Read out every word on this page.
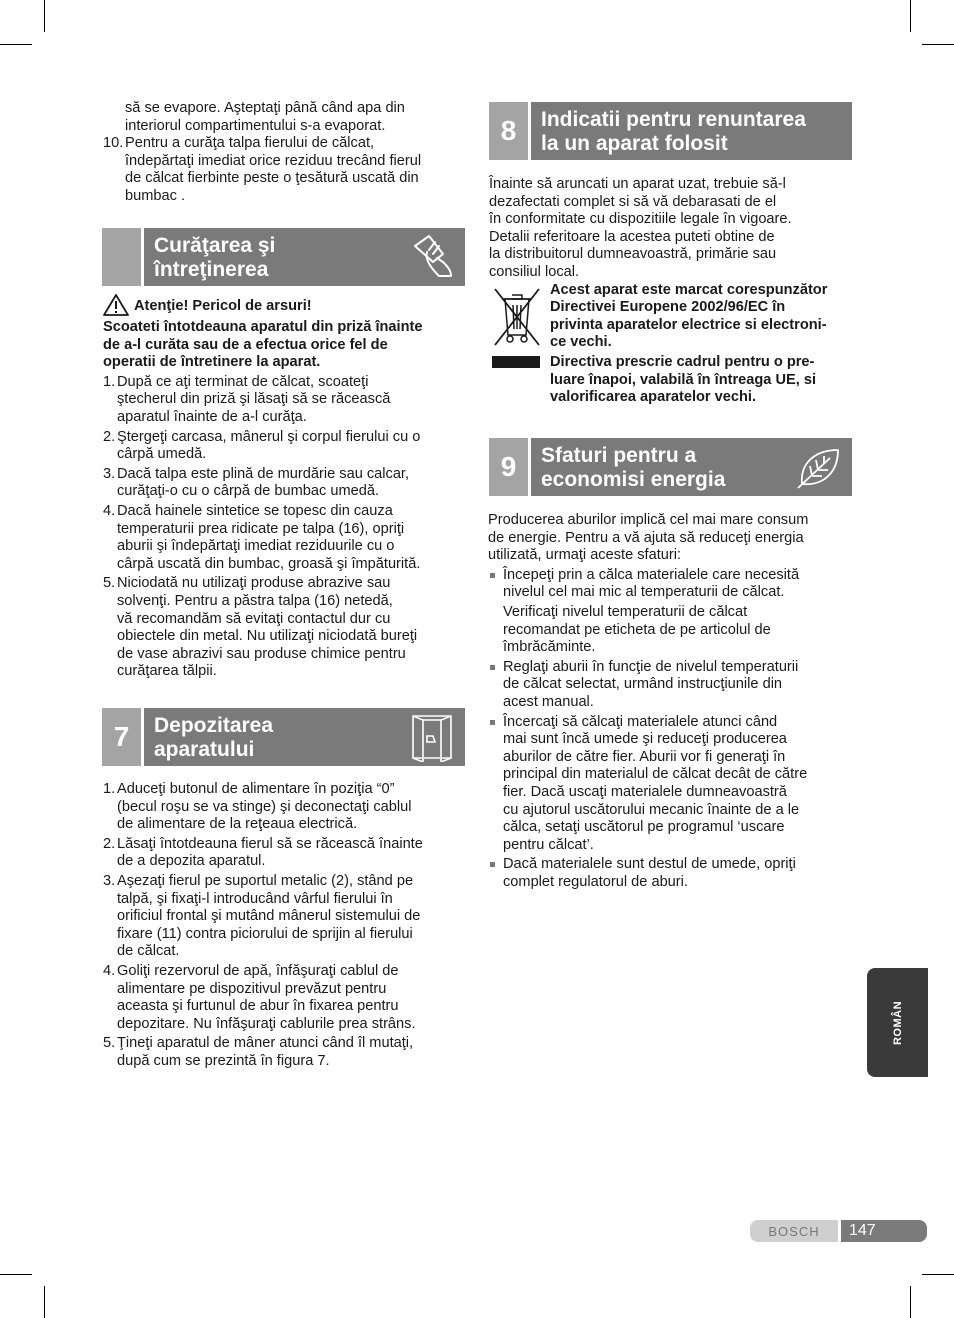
să se evapore. Aşteptaţi până când apa din
interiorul compartimentului s-a evaporat.
10. Pentru a curăţa talpa fierului de călcat,
îndepărtaţi imediat orice reziduu trecând fierul
de călcat fierbinte peste o ţesătură uscată din
bumbac .
Curăţarea şi
întreţinerea
Atenţie! Pericol de arsuri!
Scoateti întotdeauna aparatul din priză înainte
de a-l curăta sau de a efectua orice fel de
operatii de întretinere la aparat.
1. După ce aţi terminat de călcat, scoateţi
ştecherul din priză şi lăsaţi să se răcească
aparatul înainte de a-l curăţa.
2. Ştergeţi carcasa, mânerul şi corpul fierului cu o
cârpă umedă.
3. Dacă talpa este plină de murdărie sau calcar,
curăţaţi-o cu o cârpă de bumbac umedă.
4. Dacă hainele sintetice se topesc din cauza
temperaturii prea ridicate pe talpa (16), opriţi
aburii şi îndepărtaţi imediat reziduurile cu o
cârpă uscată din bumbac, groasă şi împăturită.
5. Niciodată nu utilizaţi produse abrazive sau
solvenţi. Pentru a păstra talpa (16) netedă,
vă recomandăm să evitaţi contactul dur cu
obiectele din metal. Nu utilizaţi niciodată bureţi
de vase abrazivi sau produse chimice pentru
curăţarea tălpii.
7	Depozitarea
aparatului
1. Aduceţi butonul de alimentare în poziţia “0”
(becul roşu se va stinge) şi deconectaţi cablul
de alimentare de la reţeaua electrică.
2. Lăsaţi întotdeauna fierul să se răcească înainte
de a depozita aparatul.
3. Aşezaţi fierul pe suportul metalic (2), stând pe
talpă, şi fixaţi-l introducând vârful fierului în
orificiul frontal şi mutând mânerul sistemului de
fixare (11) contra piciorului de sprijin al fierului
de călcat.
4. Goliţi rezervorul de apă, înfăşuraţi cablul de
alimentare pe dispozitivul prevăzut pentru
aceasta şi furtunul de abur în fixarea pentru
depozitare. Nu înfăşuraţi cablurile prea strâns.
5. Ţineţi aparatul de mâner atunci când îl mutaţi,
după cum se prezintă în figura 7.
8	Indicatii pentru renuntarea
la un aparat folosit
Înainte să aruncati un aparat uzat, trebuie să-l
dezafectati complet si să vă debarasati de el
în conformitate cu dispozitiile legale în vigoare.
Detalii referitoare la acestea puteti obtine de
la distribuitorul dumneavoastră, primărie sau
consiliul local.
Acest aparat este marcat corespunzător
Directivei Europene 2002/96/EC în
privinta aparatelor electrice si electroni-
ce vechi.
Directiva prescrie cadrul pentru o pre-
luare înapoi, valabilă în întreaga UE, si
valorificarea aparatelor vechi.
9	Sfaturi pentru a
economisi energia
Producerea aburilor implică cel mai mare consum
de energie. Pentru a vă ajuta să reduceţi energia
utilizată, urmaţi aceste sfaturi:
Începeţi prin a călca materialele care necesită
nivelul cel mai mic al temperaturii de călcat.
Verificaţi nivelul temperaturii de călcat
recomandat pe eticheta de pe articolul de
îmbrăcăminte.
Reglaţi aburii în funcţie de nivelul temperaturii
de călcat selectat, urmând instrucţiunile din
acest manual.
Încercaţi să călcaţi materialele atunci când
mai sunt încă umede şi reduceţi producerea
aburilor de către fier. Aburii vor fi generaţi în
principal din materialul de călcat decât de către
fier. Dacă uscaţi materialele dumneavoastră
cu ajutorul uscătorului mecanic înainte de a le
călca, setaţi uscătorul pe programul ‘uscare
pentru călcat’.
Dacă materialele sunt destul de umede, opriţi
complet regulatorul de aburi.
ROMÂN
BOSCH	147
